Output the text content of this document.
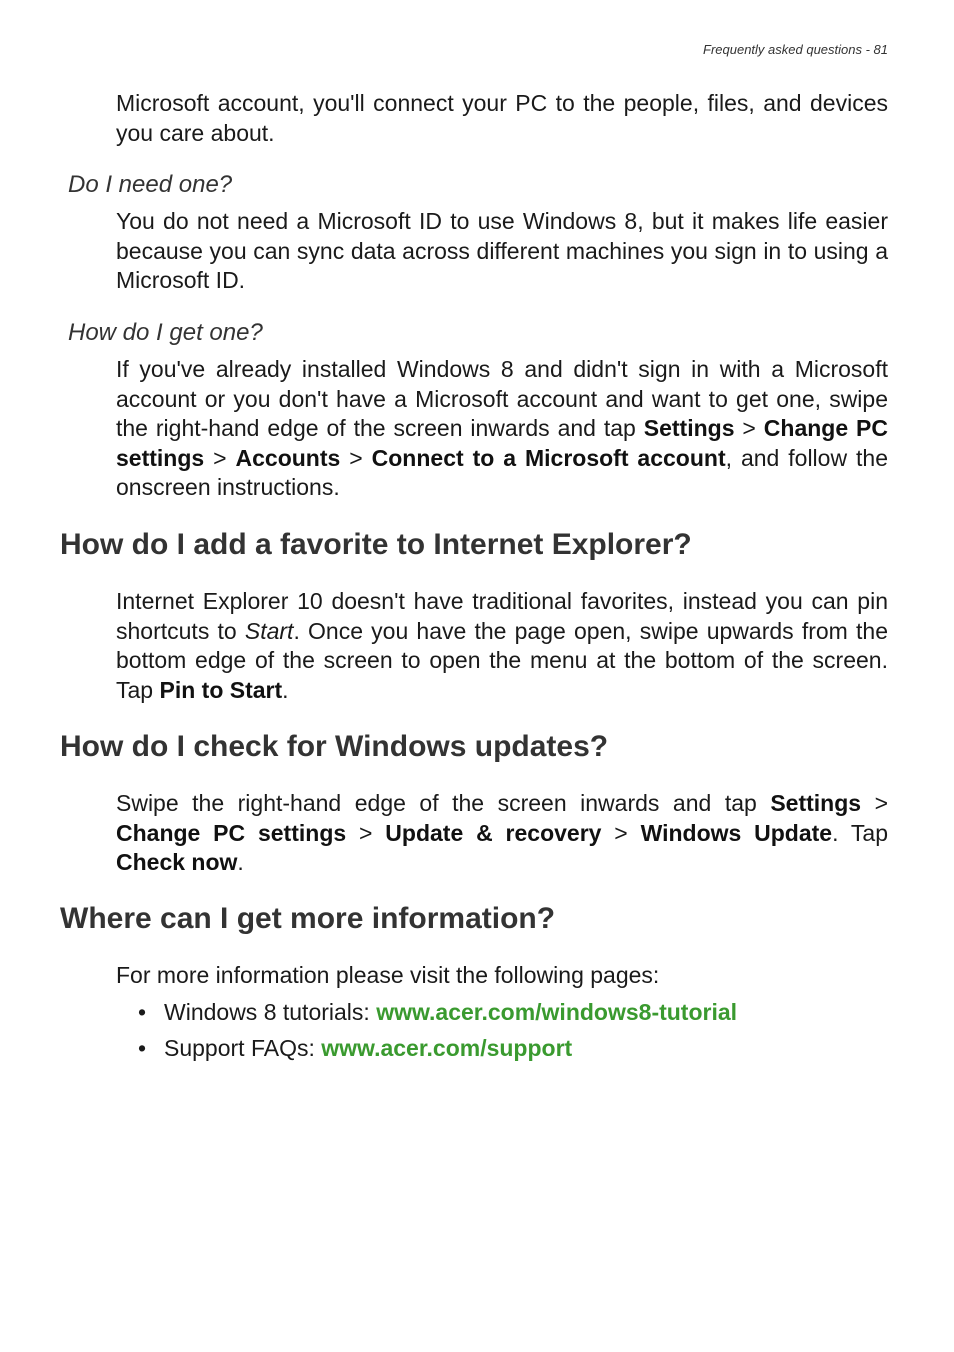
Frequently asked questions - 81

Microsoft account, you'll connect your PC to the people, files, and devices you care about.

Do I need one?

You do not need a Microsoft ID to use Windows 8, but it makes life easier because you can sync data across different machines you sign in to using a Microsoft ID.

How do I get one?

If you've already installed Windows 8 and didn't sign in with a Microsoft account or you don't have a Microsoft account and want to get one, swipe the right-hand edge of the screen inwards and tap Settings > Change PC settings > Accounts > Connect to a Microsoft account, and follow the onscreen instructions.

How do I add a favorite to Internet Explorer?

Internet Explorer 10 doesn't have traditional favorites, instead you can pin shortcuts to Start. Once you have the page open, swipe upwards from the bottom edge of the screen to open the menu at the bottom of the screen. Tap Pin to Start.

How do I check for Windows updates?

Swipe the right-hand edge of the screen inwards and tap Settings > Change PC settings > Update & recovery > Windows Update. Tap Check now.

Where can I get more information?

For more information please visit the following pages:

• Windows 8 tutorials: www.acer.com/windows8-tutorial
• Support FAQs: www.acer.com/support
